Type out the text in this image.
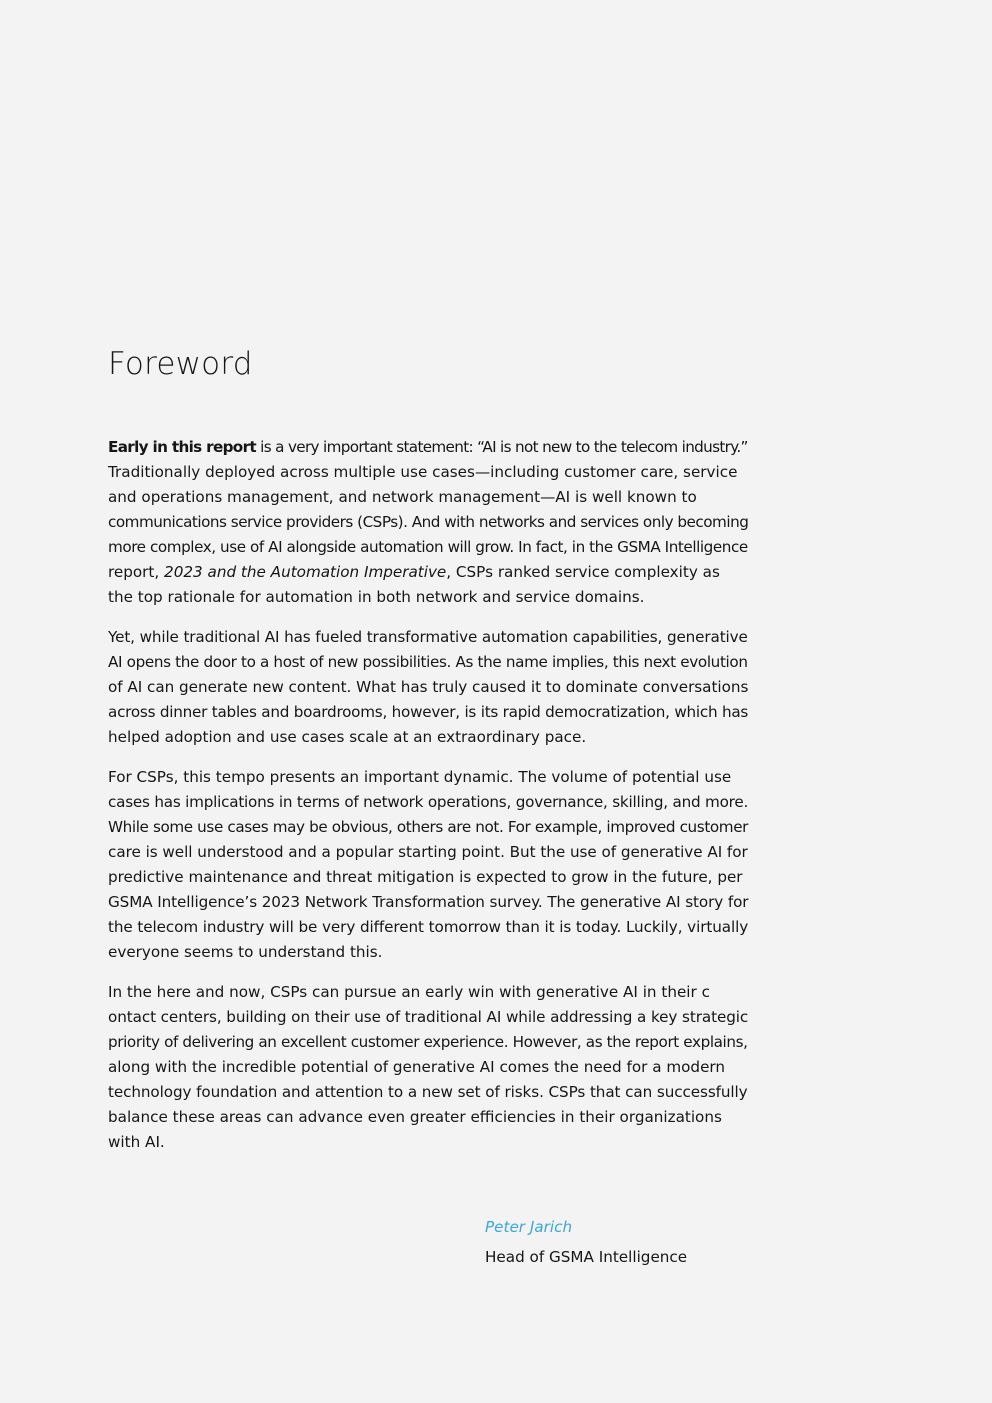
Foreword

Early in this report is a very important statement: “AI is not new to the telecom industry.”
Traditionally deployed across multiple use cases—including customer care, service
and operations management, and network management—AI is well known to
communications service providers (CSPs). And with networks and services only becoming
more complex, use of AI alongside automation will grow. In fact, in the GSMA Intelligence
report, 2023 and the Automation Imperative, CSPs ranked service complexity as
the top rationale for automation in both network and service domains.

Yet, while traditional AI has fueled transformative automation capabilities, generative
AI opens the door to a host of new possibilities. As the name implies, this next evolution
of AI can generate new content. What has truly caused it to dominate conversations
across dinner tables and boardrooms, however, is its rapid democratization, which has
helped adoption and use cases scale at an extraordinary pace.

For CSPs, this tempo presents an important dynamic. The volume of potential use
cases has implications in terms of network operations, governance, skilling, and more.
While some use cases may be obvious, others are not. For example, improved customer
care is well understood and a popular starting point. But the use of generative AI for
predictive maintenance and threat mitigation is expected to grow in the future, per
GSMA Intelligence’s 2023 Network Transformation survey. The generative AI story for
the telecom industry will be very different tomorrow than it is today. Luckily, virtually
everyone seems to understand this.

In the here and now, CSPs can pursue an early win with generative AI in their c
ontact centers, building on their use of traditional AI while addressing a key strategic
priority of delivering an excellent customer experience. However, as the report explains,
along with the incredible potential of generative AI comes the need for a modern
technology foundation and attention to a new set of risks. CSPs that can successfully
balance these areas can advance even greater efficiencies in their organizations
with AI.

Peter Jarich
Head of GSMA Intelligence
